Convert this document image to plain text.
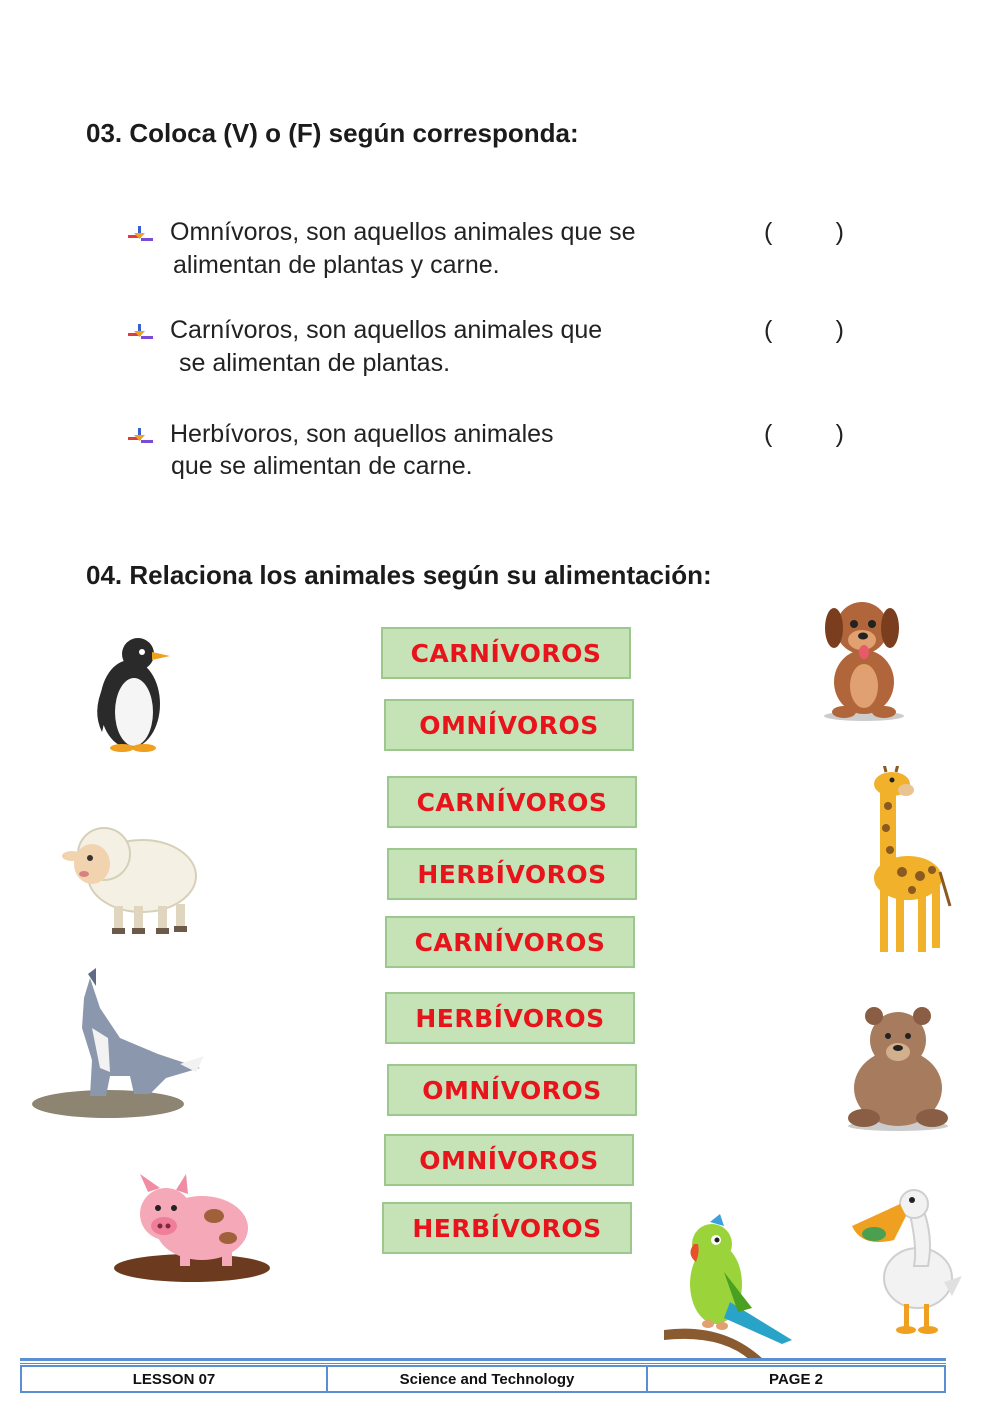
03. Coloca (V) o (F) según corresponda:
Omnívoros, son aquellos animales que se
alimentan de plantas y carne.
(	)
Carnívoros, son aquellos animales que
se alimentan de plantas.
(	)
Herbívoros, son aquellos animales
que se alimentan de carne.
(	)
04. Relaciona los animales según su alimentación:
CARNÍVOROS
OMNÍVOROS
CARNÍVOROS
HERBÍVOROS
CARNÍVOROS
HERBÍVOROS
OMNÍVOROS
OMNÍVOROS
HERBÍVOROS
LESSON 07	Science and Technology	PAGE 2
